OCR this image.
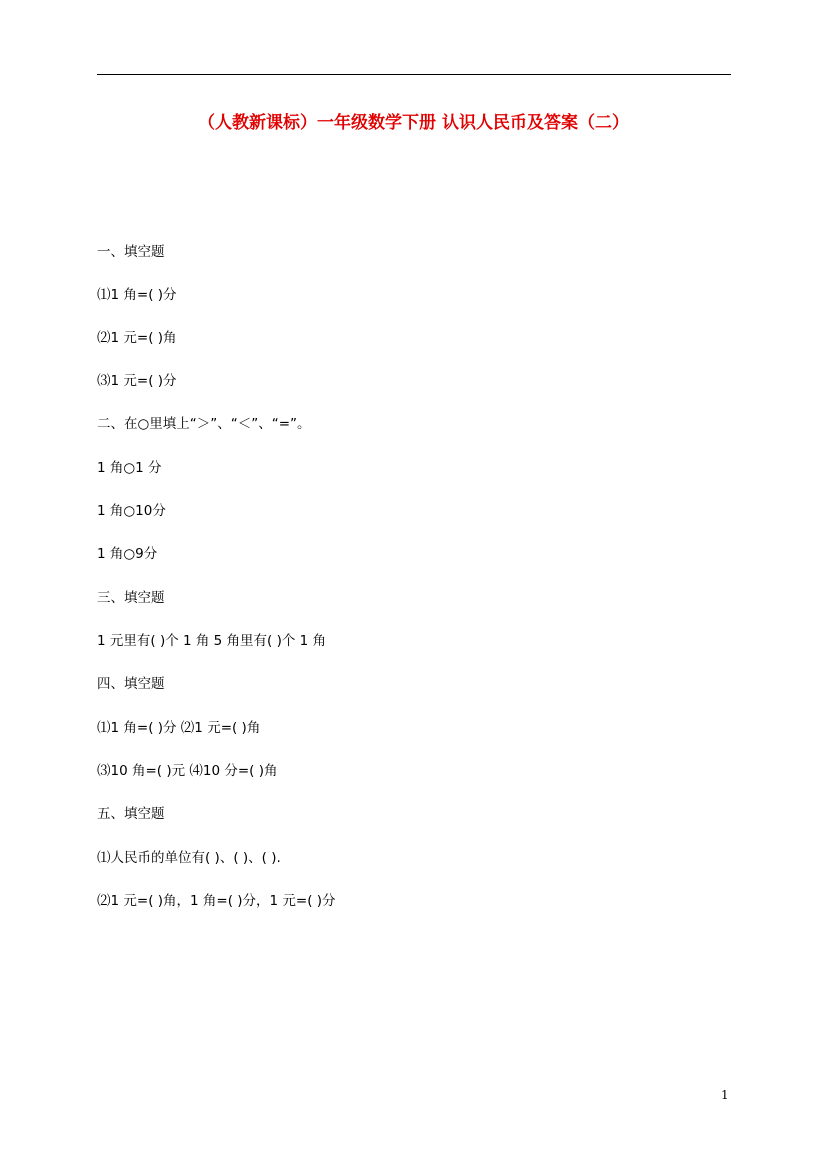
（人教新课标）一年级数学下册 认识人民币及答案（二）
一、填空题
⑴1 角=( )分
⑵1 元=( )角
⑶1 元=( )分
二、在○里填上“＞”、“＜”、“=”。
1 角○1 分
1 角○10分
1 角○9分
三、填空题
1 元里有( )个 1 角 5 角里有( )个 1 角
四、填空题
⑴1 角=( )分 ⑵1 元=( )角
⑶10 角=( )元 ⑷10 分=( )角
五、填空题
⑴人民币的单位有( )、( )、( ).
⑵1 元=( )角，1 角=( )分，1 元=( )分
1
